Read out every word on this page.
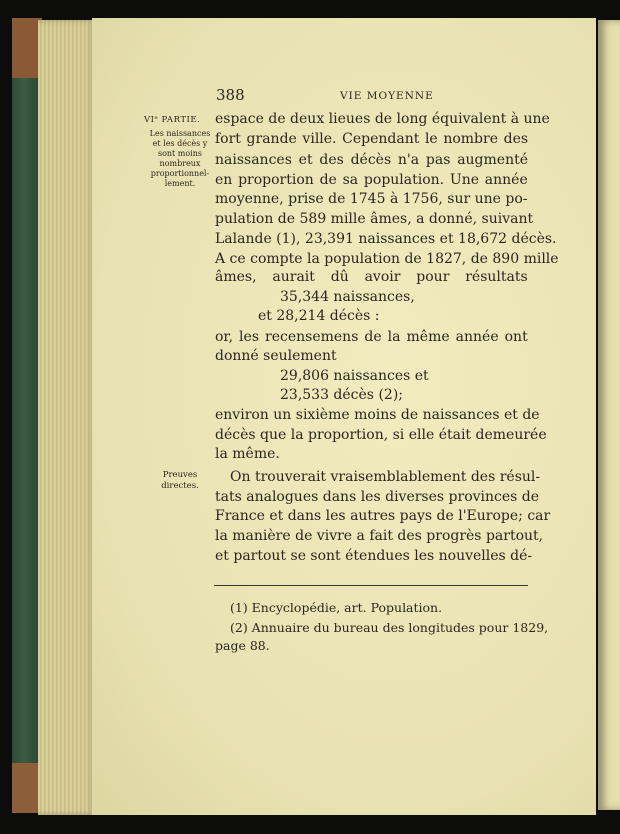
388	VIE MOYENNE
VIᵉ PARTIE.
Les naissances
et les décès y
sont moins
nombreux
proportionnel-
lement.
Preuves
directes.
espace de deux lieues de long équivalent à une
fort grande ville. Cependant le nombre des
naissances et des décès n'a pas augmenté
en proportion de sa population. Une année
moyenne, prise de 1745 à 1756, sur une po-
pulation de 589 mille âmes, a donné, suivant
Lalande (1), 23,391 naissances et 18,672 décès.
A ce compte la population de 1827, de 890 mille
âmes, aurait dû avoir pour résultats
35,344 naissances,
et 28,214 décès :
or, les recensemens de la même année ont
donné seulement
29,806 naissances et
23,533 décès (2);
environ un sixième moins de naissances et de
décès que la proportion, si elle était demeurée
la même.
On trouverait vraisemblablement des résul-
tats analogues dans les diverses provinces de
France et dans les autres pays de l'Europe; car
la manière de vivre a fait des progrès partout,
et partout se sont étendues les nouvelles dé-
(1) Encyclopédie, art. Population.
(2) Annuaire du bureau des longitudes pour 1829,
page 88.
